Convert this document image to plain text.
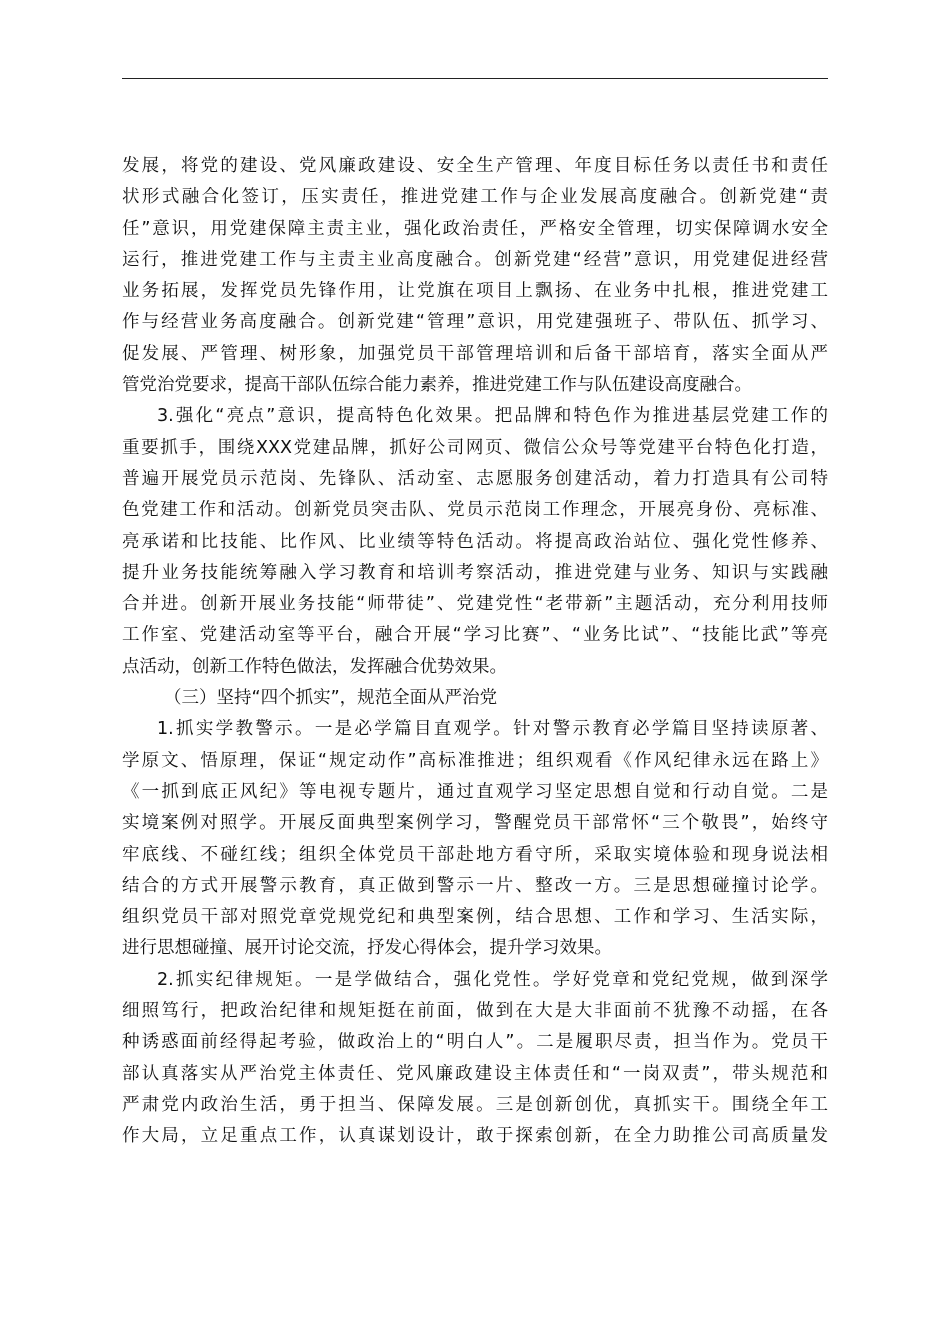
发展，将党的建设、党风廉政建设、安全生产管理、年度目标任务以责任书和责任
状形式融合化签订，压实责任，推进党建工作与企业发展高度融合。创新党建“责
任”意识，用党建保障主责主业，强化政治责任，严格安全管理，切实保障调水安全
运行，推进党建工作与主责主业高度融合。创新党建“经营”意识，用党建促进经营
业务拓展，发挥党员先锋作用，让党旗在项目上飘扬、在业务中扎根，推进党建工
作与经营业务高度融合。创新党建“管理”意识，用党建强班子、带队伍、抓学习、
促发展、严管理、树形象，加强党员干部管理培训和后备干部培育，落实全面从严
管党治党要求，提高干部队伍综合能力素养，推进党建工作与队伍建设高度融合。
3.强化“亮点”意识，提高特色化效果。把品牌和特色作为推进基层党建工作的
重要抓手，围绕XXX党建品牌，抓好公司网页、微信公众号等党建平台特色化打造，
普遍开展党员示范岗、先锋队、活动室、志愿服务创建活动，着力打造具有公司特
色党建工作和活动。创新党员突击队、党员示范岗工作理念，开展亮身份、亮标准、
亮承诺和比技能、比作风、比业绩等特色活动。将提高政治站位、强化党性修养、
提升业务技能统筹融入学习教育和培训考察活动，推进党建与业务、知识与实践融
合并进。创新开展业务技能“师带徒”、党建党性“老带新”主题活动，充分利用技师
工作室、党建活动室等平台，融合开展“学习比赛”、“业务比试”、“技能比武”等亮
点活动，创新工作特色做法，发挥融合优势效果。
（三）坚持“四个抓实”，规范全面从严治党
1.抓实学教警示。一是必学篇目直观学。针对警示教育必学篇目坚持读原著、
学原文、悟原理，保证“规定动作”高标准推进；组织观看《作风纪律永远在路上》
《一抓到底正风纪》等电视专题片，通过直观学习坚定思想自觉和行动自觉。二是
实境案例对照学。开展反面典型案例学习，警醒党员干部常怀“三个敬畏”，始终守
牢底线、不碰红线；组织全体党员干部赴地方看守所，采取实境体验和现身说法相
结合的方式开展警示教育，真正做到警示一片、整改一方。三是思想碰撞讨论学。
组织党员干部对照党章党规党纪和典型案例，结合思想、工作和学习、生活实际，
进行思想碰撞、展开讨论交流，抒发心得体会，提升学习效果。
2.抓实纪律规矩。一是学做结合，强化党性。学好党章和党纪党规，做到深学
细照笃行，把政治纪律和规矩挺在前面，做到在大是大非面前不犹豫不动摇，在各
种诱惑面前经得起考验，做政治上的“明白人”。二是履职尽责，担当作为。党员干
部认真落实从严治党主体责任、党风廉政建设主体责任和“一岗双责”，带头规范和
严肃党内政治生活，勇于担当、保障发展。三是创新创优，真抓实干。围绕全年工
作大局，立足重点工作，认真谋划设计，敢于探索创新，在全力助推公司高质量发
